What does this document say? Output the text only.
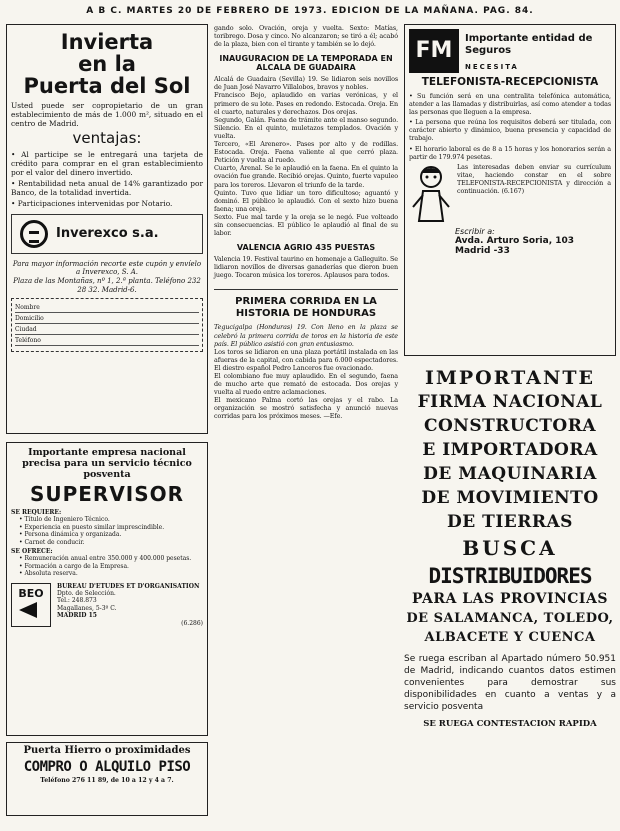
A B C. MARTES 20 DE FEBRERO DE 1973. EDICION DE LA MAÑANA. PAG. 84.
Invierta
en la
Puerta del Sol
Usted puede ser copropietario de un gran establecimiento de más de 1.000 m², situado en el centro de Madrid.
ventajas:
• Al participe se le entregará una tarjeta de crédito para comprar en el gran establecimiento por el valor del dinero invertido.
• Rentabilidad neta anual de 14% garantizado por Banco, de la totalidad invertida.
• Participaciones intervenidas por Notario.
Inverexco s.a.
Para mayor información recorte este cupón y envíelo a Inverexco, S. A.
Plaza de las Montañas, nº 1, 2.ª planta. Teléfono 232 28 32. Madrid-6.
Nombre
Domicilio
Ciudad
Teléfono
Importante empresa nacional precisa para un servicio técnico posventa
SUPERVISOR
SE REQUIERE:
• Título de Ingeniero Técnico.
• Experiencia en puesto similar imprescindible.
• Persona dinámica y organizada.
• Carnet de conducir.
SE OFRECE:
• Remuneración anual entre 350.000 y 400.000 pesetas.
• Formación a cargo de la Empresa.
• Absoluta reserva.
BEO
BUREAU D'ETUDES ET D'ORGANISATION
Dpto. de Selección.
Tel.: 248.873
Magallanes, 5-3º C.
MADRID 15
(6.286)
Puerta Hierro o proximidades
COMPRO O ALQUILO PISO
Teléfono 276 11 89, de 10 a 12 y 4 a 7.
gando solo. Ovación, oreja y vuelta. Sexto: Matías, toribrego. Dosa y cinco. No alcanzaron; se tiró a él; acabó de la plaza, bien con el tirante y también se lo dejó.
INAUGURACION DE LA TEMPORADA EN ALCALA DE GUADAIRA
Alcalá de Guadaira (Sevilla) 19. Se lidiaron seis novillos de Juan José Navarro Villalobos, bravos y nobles.
Francisco Bejo, aplaudido en varias verónicas, y el primero de su lote. Pases en redondo. Estocada. Oreja. En el cuarto, naturales y derechazos. Dos orejas.
Segundo, Galán. Faena de trámite ante el manso segundo. Silencio. En el quinto, muletazos templados. Ovación y vuelta.
Tercero, «El Arenero». Pases por alto y de rodillas. Estocada. Oreja. Faena valiente al que cerró plaza. Petición y vuelta al ruedo.
Cuarto, Arenal. Se le aplaudió en la faena. En el quinto la ovación fue grande. Recibió orejas. Quinto, fuerte vapuleo para los toreros. Llevaron el triunfo de la tarde.
Quinto. Tuvo que lidiar un toro dificultoso; aguantó y dominó. El público le aplaudió. Con el sexto hizo buena faena; una oreja.
Sexto. Fue mal tarde y la oreja se le negó. Fue volteado sin consecuencias. El público le aplaudió al final de su labor.
VALENCIA AGRIO 435 PUESTAS
Valencia 19. Festival taurino en homenaje a Galleguito. Se lidiaron novillos de diversas ganaderías que dieron buen juego. Tocaron música los toreros. Aplausos para todos.
PRIMERA CORRIDA EN LA HISTORIA DE HONDURAS
Tegucigalpa (Honduras) 19. Con lleno en la plaza se celebró la primera corrida de toros en la historia de este país. El público asistió con gran entusiasmo.
Los toros se lidiaron en una plaza portátil instalada en las afueras de la capital, con cabida para 6.000 espectadores. El diestro español Pedro Lanceros fue ovacionado.
El colombiano fue muy aplaudido. En el segundo, faena de mucho arte que remató de estocada. Dos orejas y vuelta al ruedo entre aclamaciones.
El mexicano Palma cortó las orejas y el rabo. La organización se mostró satisfecha y anunció nuevas corridas para los próximos meses. —Efe.
FM	Importante entidad de Seguros
NECESITA
TELEFONISTA-RECEPCIONISTA
• Su función será en una centralita telefónica automática, atender a las llamadas y distribuirlas, así como atender a todas las personas que lleguen a la empresa.
• La persona que reúna los requisitos deberá ser titulada, con carácter abierto y dinámico, buena presencia y capacidad de trabajo.
• El horario laboral es de 8 a 15 horas y los honorarios serán a partir de 179.974 pesetas.
Las interesadas deben enviar su currículum vitae, haciendo constar en el sobre TELEFONISTA-RECEPCIONISTA y dirección a continuación. (6.167)
Escribir a:
Avda. Arturo Soria, 103
Madrid -33
IMPORTANTE
FIRMA NACIONAL
CONSTRUCTORA
E IMPORTADORA
DE MAQUINARIA
DE MOVIMIENTO
DE TIERRAS
BUSCA
DISTRIBUIDORES
PARA LAS PROVINCIAS
DE SALAMANCA, TOLEDO,
ALBACETE Y CUENCA
Se ruega escriban al Apartado número 50.951 de Madrid, indicando cuantos datos estimen convenientes para demostrar sus disponibilidades en cuanto a ventas y a servicio posventa
SE RUEGA CONTESTACION RAPIDA
